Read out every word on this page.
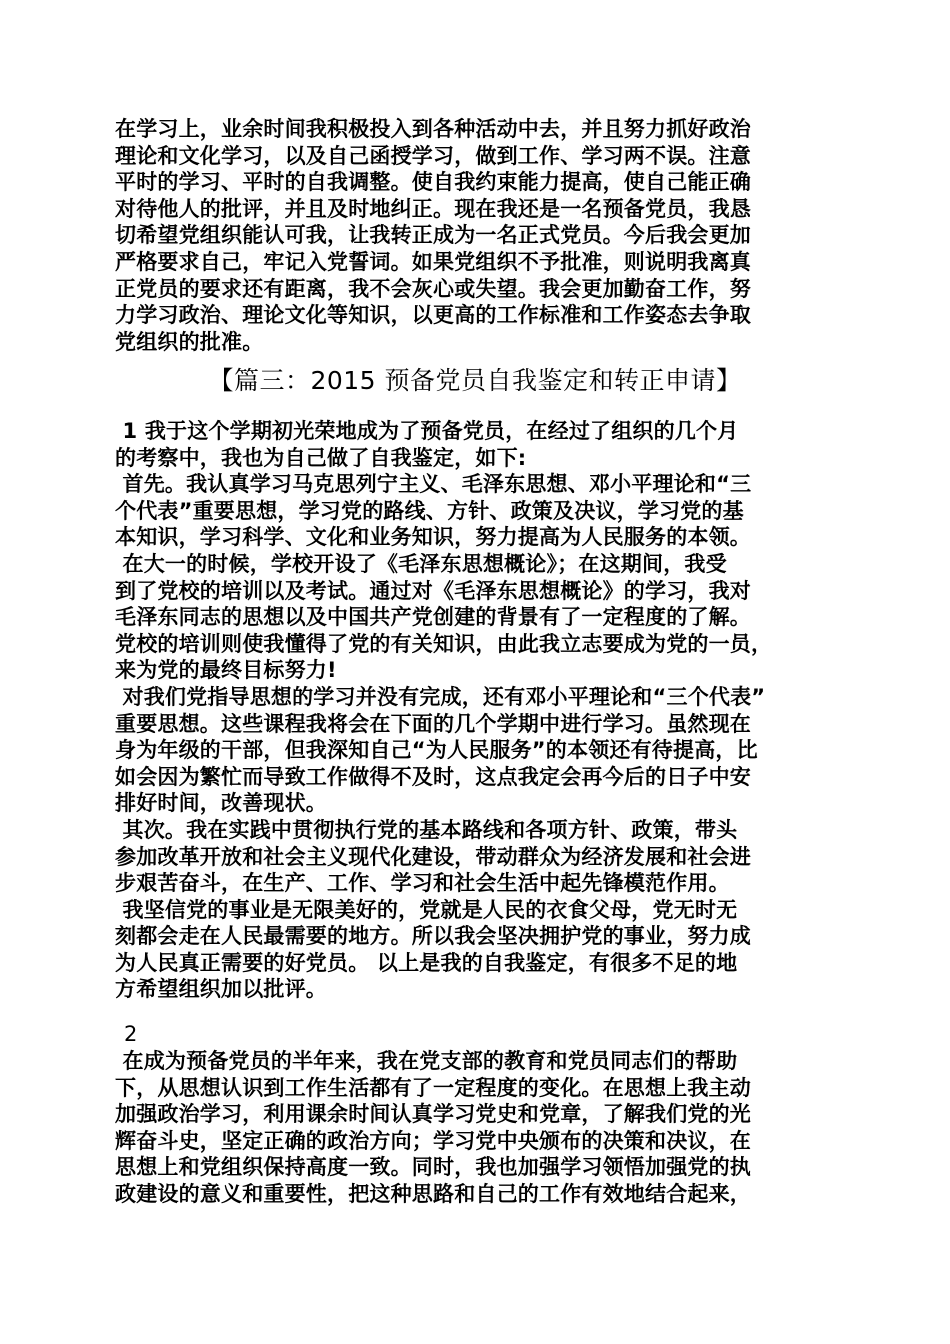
在学习上，业余时间我积极投入到各种活动中去，并且努力抓好政治
理论和文化学习，以及自己函授学习，做到工作、学习两不误。注意
平时的学习、平时的自我调整。使自我约束能力提高，使自己能正确
对待他人的批评，并且及时地纠正。现在我还是一名预备党员，我恳
切希望党组织能认可我，让我转正成为一名正式党员。今后我会更加
严格要求自己，牢记入党誓词。如果党组织不予批准，则说明我离真
正党员的要求还有距离，我不会灰心或失望。我会更加勤奋工作，努
力学习政治、理论文化等知识，以更高的工作标准和工作姿态去争取
党组织的批准。

【篇三：2015 预备党员自我鉴定和转正申请】

1 我于这个学期初光荣地成为了预备党员，在经过了组织的几个月
的考察中，我也为自己做了自我鉴定，如下:
首先。我认真学习马克思列宁主义、毛泽东思想、邓小平理论和“三
个代表”重要思想，学习党的路线、方针、政策及决议，学习党的基
本知识，学习科学、文化和业务知识，努力提高为人民服务的本领。
在大一的时候，学校开设了《毛泽东思想概论》；在这期间，我受
到了党校的培训以及考试。通过对《毛泽东思想概论》的学习，我对
毛泽东同志的思想以及中国共产党创建的背景有了一定程度的了解。
党校的培训则使我懂得了党的有关知识，由此我立志要成为党的一员，
来为党的最终目标努力!
对我们党指导思想的学习并没有完成，还有邓小平理论和“三个代表”
重要思想。这些课程我将会在下面的几个学期中进行学习。虽然现在
身为年级的干部，但我深知自己“为人民服务”的本领还有待提高，比
如会因为繁忙而导致工作做得不及时，这点我定会再今后的日子中安
排好时间，改善现状。
其次。我在实践中贯彻执行党的基本路线和各项方针、政策，带头
参加改革开放和社会主义现代化建设，带动群众为经济发展和社会进
步艰苦奋斗，在生产、工作、学习和社会生活中起先锋模范作用。
我坚信党的事业是无限美好的，党就是人民的衣食父母，党无时无
刻都会走在人民最需要的地方。所以我会坚决拥护党的事业，努力成
为人民真正需要的好党员。 以上是我的自我鉴定，有很多不足的地
方希望组织加以批评。

2

在成为预备党员的半年来，我在党支部的教育和党员同志们的帮助
下，从思想认识到工作生活都有了一定程度的变化。在思想上我主动
加强政治学习，利用课余时间认真学习党史和党章，了解我们党的光
辉奋斗史，坚定正确的政治方向；学习党中央颁布的决策和决议，在
思想上和党组织保持高度一致。同时，我也加强学习领悟加强党的执
政建设的意义和重要性，把这种思路和自己的工作有效地结合起来，
